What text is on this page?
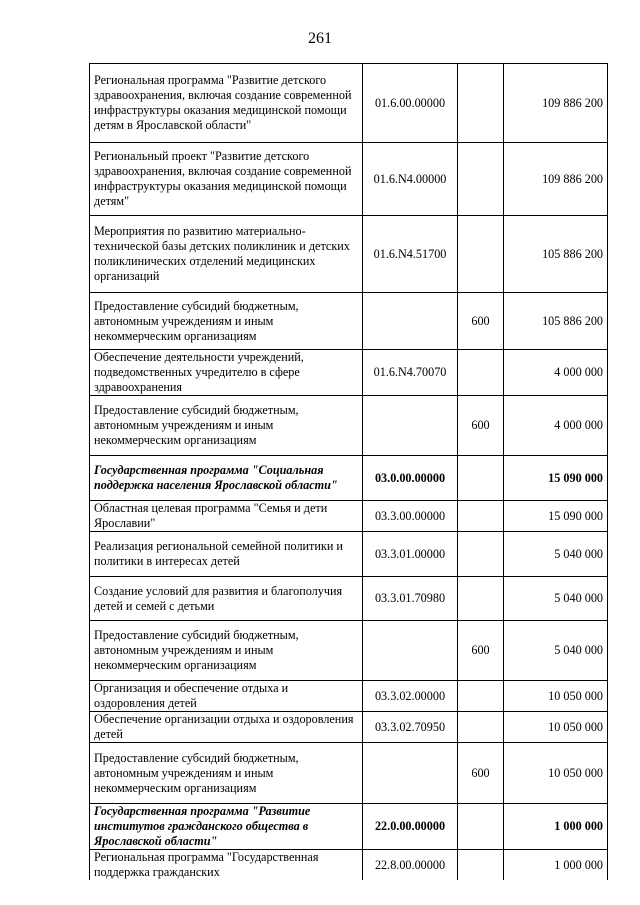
261
Региональная программа "Развитие детского здравоохранения, включая создание современной инфраструктуры оказания медицинской помощи детям в Ярославской области"	01.6.00.00000		109 886 200
Региональный проект "Развитие детского здравоохранения, включая создание современной инфраструктуры оказания медицинской помощи детям"	01.6.N4.00000		109 886 200
Мероприятия по развитию материально-технической базы детских поликлиник и детских поликлинических отделений медицинских организаций	01.6.N4.51700		105 886 200
Предоставление субсидий бюджетным, автономным учреждениям и иным некоммерческим организациям		600	105 886 200
Обеспечение деятельности учреждений, подведомственных учредителю в сфере здравоохранения	01.6.N4.70070		4 000 000
Предоставление субсидий бюджетным, автономным учреждениям и иным некоммерческим организациям		600	4 000 000
Государственная программа "Социальная поддержка населения Ярославской области"	03.0.00.00000		15 090 000
Областная целевая программа "Семья и дети Ярославии"	03.3.00.00000		15 090 000
Реализация региональной семейной политики и политики в интересах детей	03.3.01.00000		5 040 000
Создание условий для развития и благополучия детей и семей с детьми	03.3.01.70980		5 040 000
Предоставление субсидий бюджетным, автономным учреждениям и иным некоммерческим организациям		600	5 040 000
Организация и обеспечение отдыха и оздоровления детей	03.3.02.00000		10 050 000
Обеспечение организации отдыха и оздоровления детей	03.3.02.70950		10 050 000
Предоставление субсидий бюджетным, автономным учреждениям и иным некоммерческим организациям		600	10 050 000
Государственная программа "Развитие институтов гражданского общества в Ярославской области"	22.0.00.00000		1 000 000
Региональная программа "Государственная поддержка гражданских	22.8.00.00000		1 000 000
